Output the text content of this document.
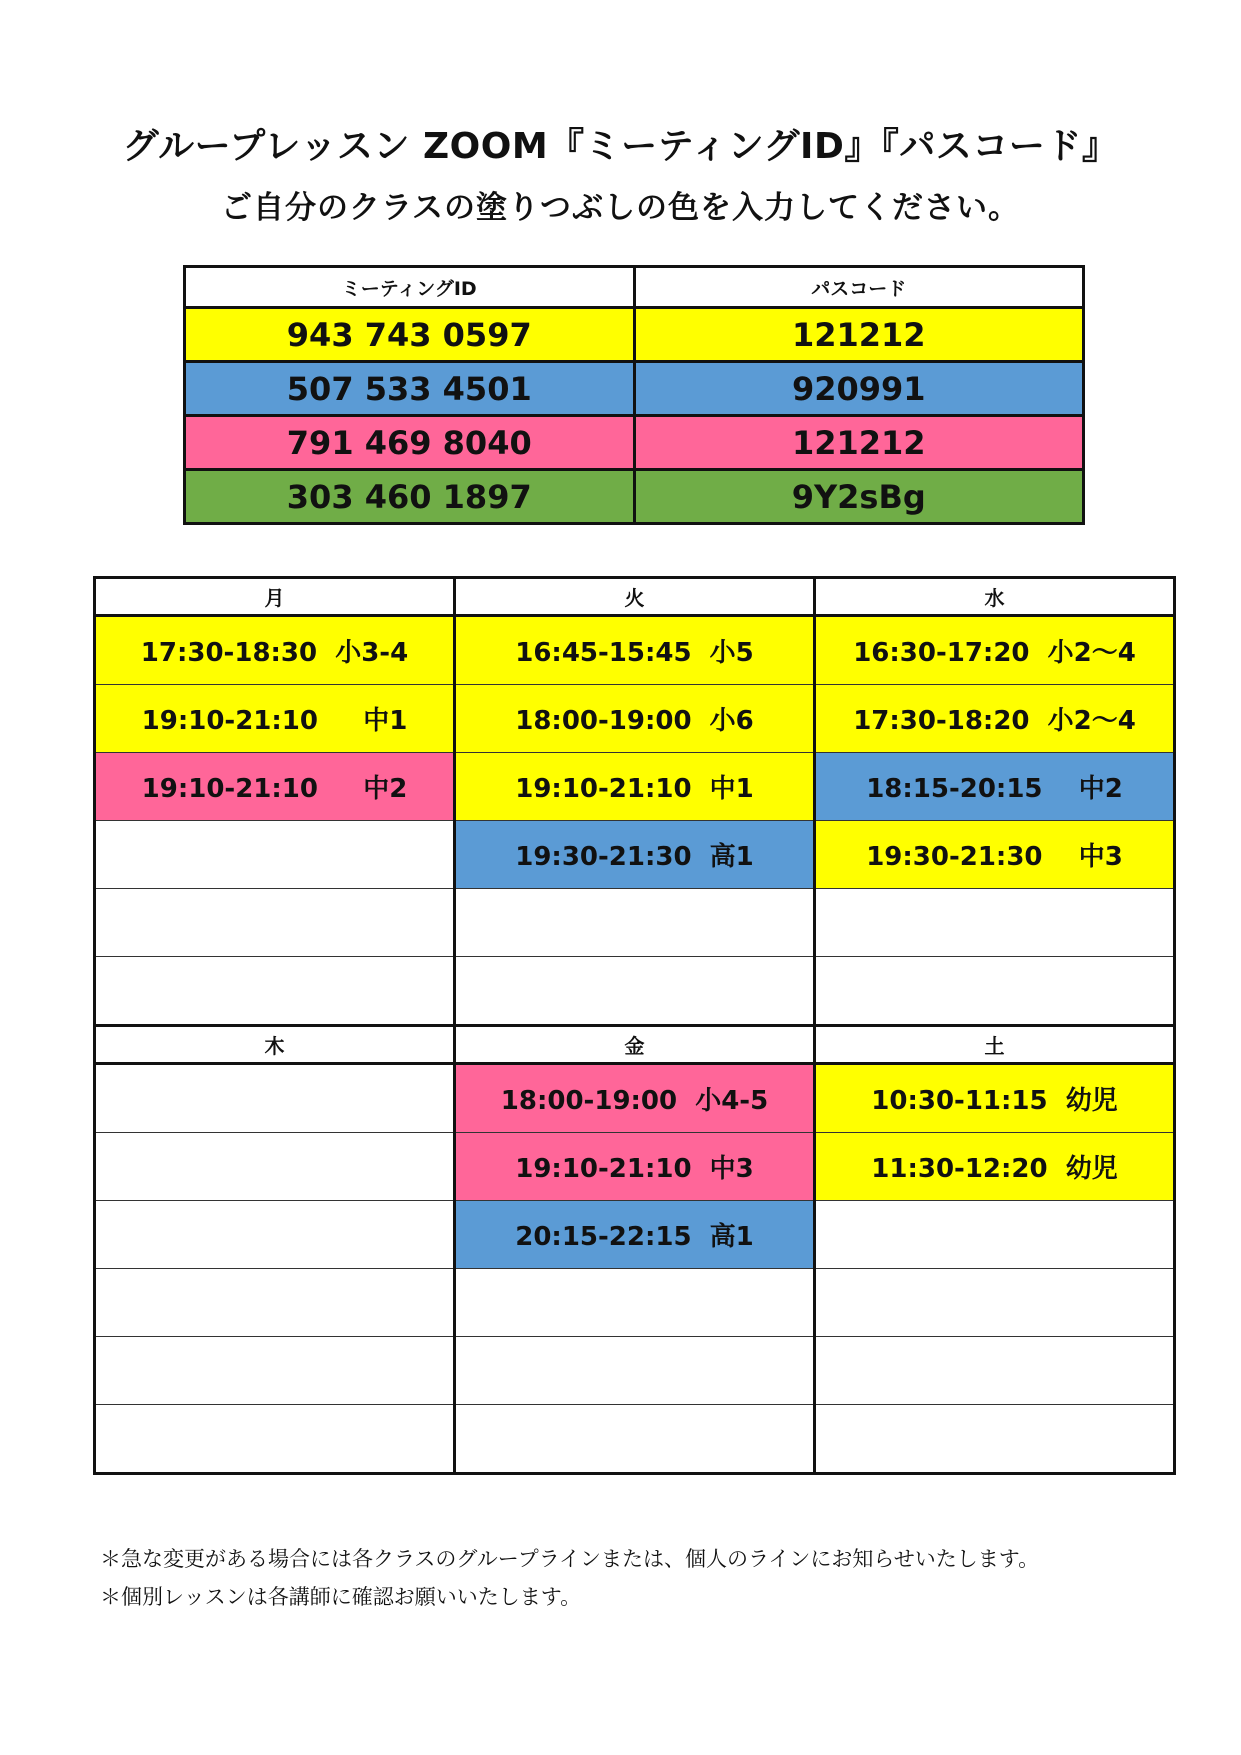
グループレッスン ZOOM『ミーティングID』『パスコード』
ご自分のクラスの塗りつぶしの色を入力してください。
ミーティングID	パスコード
943 743 0597	121212
507 533 4501	920991
791 469 8040	121212
303 460 1897	9Y2sBg
月	火	水
17:30-18:30  小3-4	16:45-15:45  小5	16:30-17:20  小2～4
19:10-21:10     中1	18:00-19:00  小6	17:30-18:20  小2～4
19:10-21:10     中2	19:10-21:10  中1	18:15-20:15    中2
	19:30-21:30  高1	19:30-21:30    中3

木	金	土
	18:00-19:00  小4-5	10:30-11:15  幼児
	19:10-21:10  中3	11:30-12:20  幼児
	20:15-22:15  高1	

＊急な変更がある場合には各クラスのグループラインまたは、個人のラインにお知らせいたします。
＊個別レッスンは各講師に確認お願いいたします。
